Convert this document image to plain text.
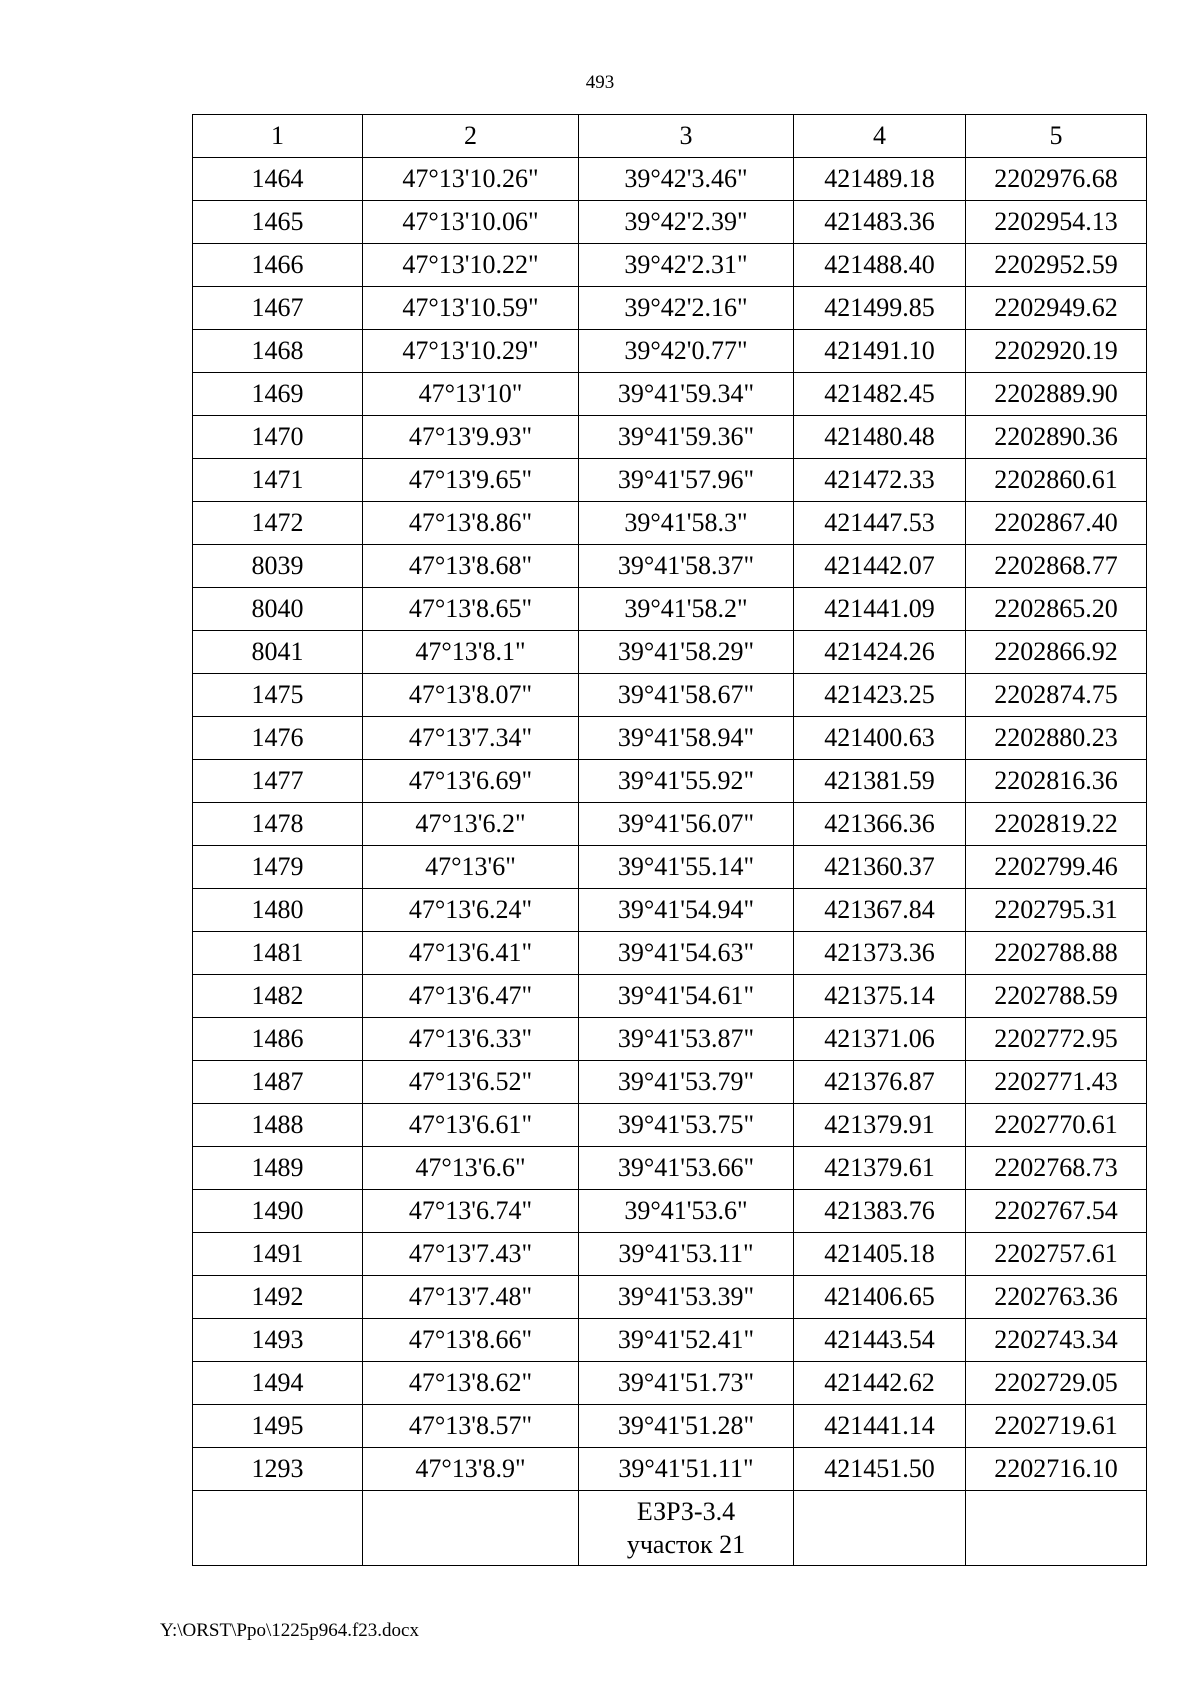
493
1	2	3	4	5
1464	47°13'10.26"	39°42'3.46"	421489.18	2202976.68
1465	47°13'10.06"	39°42'2.39"	421483.36	2202954.13
1466	47°13'10.22"	39°42'2.31"	421488.40	2202952.59
1467	47°13'10.59"	39°42'2.16"	421499.85	2202949.62
1468	47°13'10.29"	39°42'0.77"	421491.10	2202920.19
1469	47°13'10"	39°41'59.34"	421482.45	2202889.90
1470	47°13'9.93"	39°41'59.36"	421480.48	2202890.36
1471	47°13'9.65"	39°41'57.96"	421472.33	2202860.61
1472	47°13'8.86"	39°41'58.3"	421447.53	2202867.40
8039	47°13'8.68"	39°41'58.37"	421442.07	2202868.77
8040	47°13'8.65"	39°41'58.2"	421441.09	2202865.20
8041	47°13'8.1"	39°41'58.29"	421424.26	2202866.92
1475	47°13'8.07"	39°41'58.67"	421423.25	2202874.75
1476	47°13'7.34"	39°41'58.94"	421400.63	2202880.23
1477	47°13'6.69"	39°41'55.92"	421381.59	2202816.36
1478	47°13'6.2"	39°41'56.07"	421366.36	2202819.22
1479	47°13'6"	39°41'55.14"	421360.37	2202799.46
1480	47°13'6.24"	39°41'54.94"	421367.84	2202795.31
1481	47°13'6.41"	39°41'54.63"	421373.36	2202788.88
1482	47°13'6.47"	39°41'54.61"	421375.14	2202788.59
1486	47°13'6.33"	39°41'53.87"	421371.06	2202772.95
1487	47°13'6.52"	39°41'53.79"	421376.87	2202771.43
1488	47°13'6.61"	39°41'53.75"	421379.91	2202770.61
1489	47°13'6.6"	39°41'53.66"	421379.61	2202768.73
1490	47°13'6.74"	39°41'53.6"	421383.76	2202767.54
1491	47°13'7.43"	39°41'53.11"	421405.18	2202757.61
1492	47°13'7.48"	39°41'53.39"	421406.65	2202763.36
1493	47°13'8.66"	39°41'52.41"	421443.54	2202743.34
1494	47°13'8.62"	39°41'51.73"	421442.62	2202729.05
1495	47°13'8.57"	39°41'51.28"	421441.14	2202719.61
1293	47°13'8.9"	39°41'51.11"	421451.50	2202716.10
		ЕЗРЗ-3.4
участок 21		
Y:\ORST\Ppo\1225p964.f23.docx
